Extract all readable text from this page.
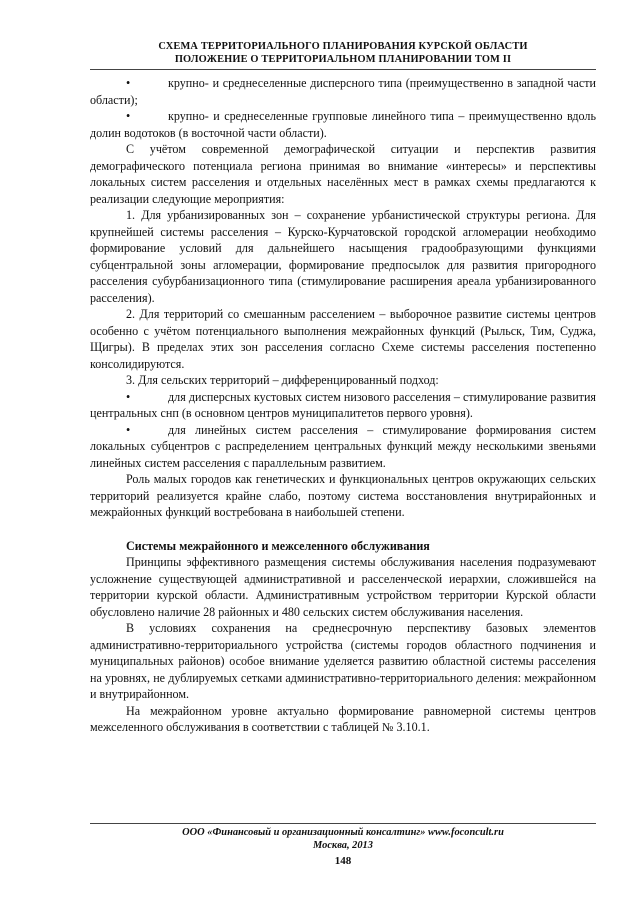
СХЕМА ТЕРРИТОРИАЛЬНОГО ПЛАНИРОВАНИЯ КУРСКОЙ ОБЛАСТИ
ПОЛОЖЕНИЕ О ТЕРРИТОРИАЛЬНОМ ПЛАНИРОВАНИИ ТОМ II

•	крупно- и среднеселенные дисперсного типа (преимущественно в западной части области);

•	крупно- и среднеселенные групповые линейного типа – преимущественно вдоль долин водотоков (в восточной части области).

С учётом современной демографической ситуации и перспектив развития демографического потенциала региона принимая во внимание «интересы» и перспективы локальных систем расселения и отдельных населённых мест в рамках схемы предлагаются к реализации следующие мероприятия:

1. Для урбанизированных зон – сохранение урбанистической структуры региона. Для крупнейшей системы расселения – Курско-Курчатовской городской агломерации необходимо формирование условий для дальнейшего насыщения градообразующими функциями субцентральной зоны агломерации, формирование предпосылок для развития пригородного расселения субурбанизационного типа (стимулирование расширения ареала урбанизированного расселения).

2. Для территорий со смешанным расселением – выборочное развитие системы центров особенно с учётом потенциального выполнения межрайонных функций (Рыльск, Тим, Суджа, Щигры). В пределах этих зон расселения согласно Схеме системы расселения постепенно консолидируются.

3. Для сельских территорий – дифференцированный подход:

•	для дисперсных кустовых систем низового расселения – стимулирование развития центральных снп (в основном центров муниципалитетов первого уровня).

•	для линейных систем расселения – стимулирование формирования систем локальных субцентров с распределением центральных функций между несколькими звеньями линейных систем расселения с параллельным развитием.

Роль малых городов как генетических и функциональных центров окружающих сельских территорий реализуется крайне слабо, поэтому система восстановления внутрирайонных и межрайонных функций востребована в наибольшей степени.

Системы межрайонного и межселенного обслуживания

Принципы эффективного размещения системы обслуживания населения подразумевают усложнение существующей административной и расселенческой иерархии, сложившейся на территории курской области. Административным устройством территории Курской области обусловлено наличие 28 районных и 480 сельских систем обслуживания населения.

В условиях сохранения на среднесрочную перспективу базовых элементов административно-территориального устройства (системы городов областного подчинения и муниципальных районов) особое внимание уделяется развитию областной системы расселения на уровнях, не дублируемых сетками административно-территориального деления: межрайонном и внутрирайонном.

На межрайонном уровне актуально формирование равномерной системы центров межселенного обслуживания в соответствии с таблицей № 3.10.1.

ООО «Финансовый и организационный консалтинг» www.foconcult.ru
Москва, 2013
148
